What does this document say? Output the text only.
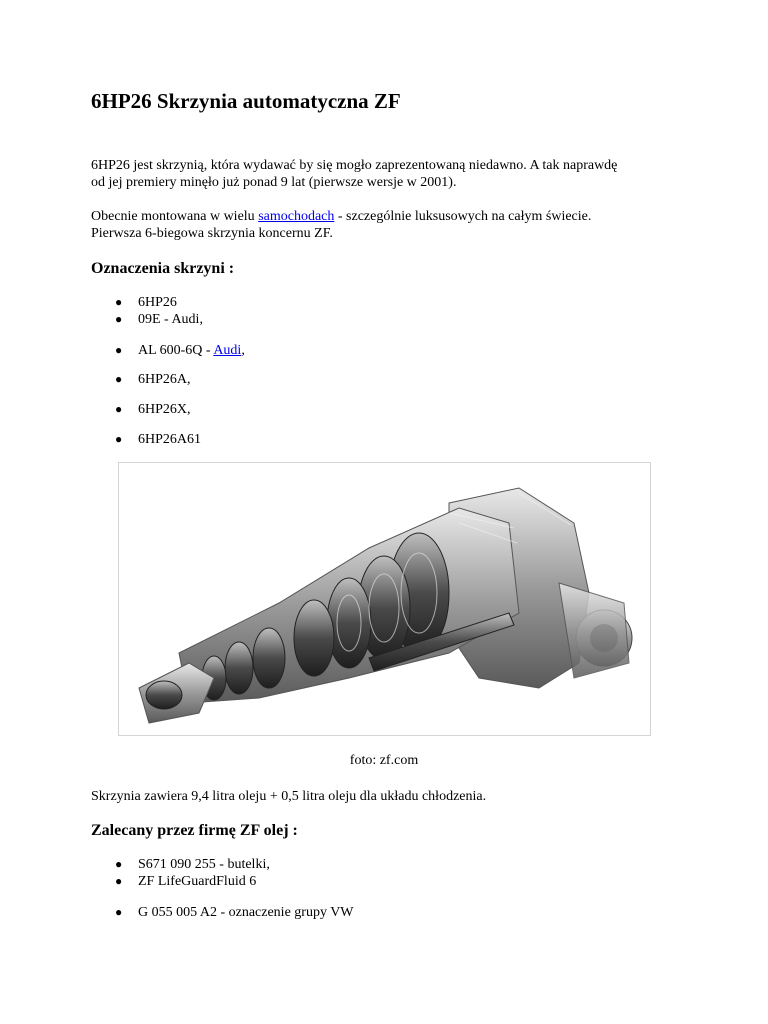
6HP26 Skrzynia automatyczna ZF

6HP26 jest skrzynią, która wydawać by się mogło zaprezentowaną niedawno. A tak naprawdę
od jej premiery minęło już ponad 9 lat (pierwsze wersje w 2001).

Obecnie montowana w wielu samochodach - szczególnie luksusowych na całym świecie.
Pierwsza 6-biegowa skrzynia koncernu ZF.

Oznaczenia skrzyni :
● 6HP26
● 09E - Audi,
● AL 600-6Q - Audi,
● 6HP26A,
● 6HP26X,
● 6HP26A61
foto: zf.com

Skrzynia zawiera 9,4 litra oleju + 0,5 litra oleju dla układu chłodzenia.

Zalecany przez firmę ZF olej :
● S671 090 255 - butelki,
● ZF LifeGuardFluid 6
● G 055 005 A2 - oznaczenie grupy VW
